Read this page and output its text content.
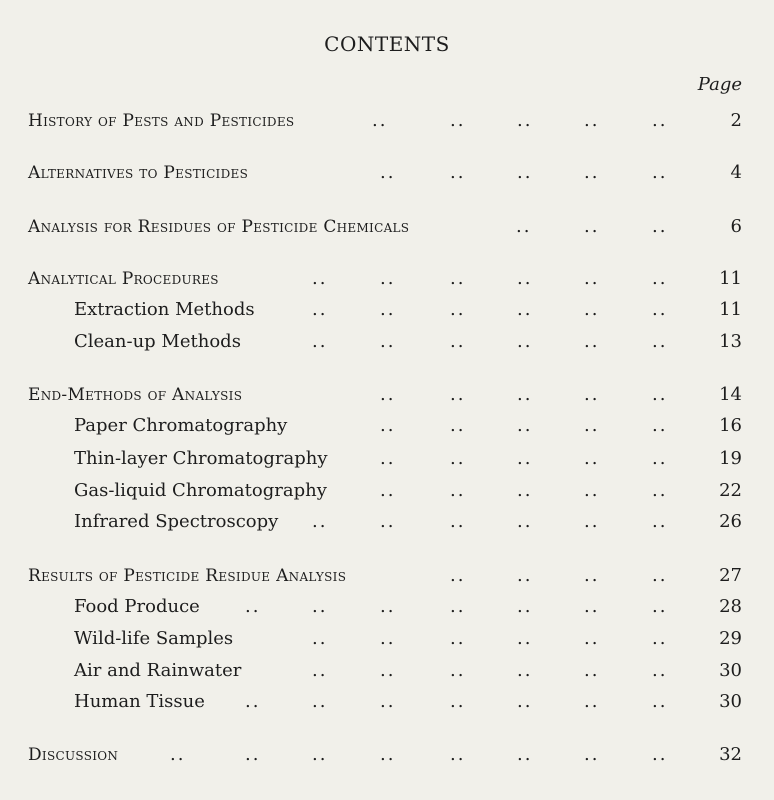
CONTENTS
Page
History of Pests and Pesticides	..	..	..	..	..	2
Alternatives to Pesticides	..	..	..	..	..	4
Analysis for Residues of Pesticide Chemicals	..	..	..	6
Analytical Procedures	..	..	..	..	..	..	11
Extraction Methods	..	..	..	..	..	..	11
Clean-up Methods	..	..	..	..	..	..	13
End-Methods of Analysis	..	..	..	..	..	14
Paper Chromatography	..	..	..	..	..	16
Thin-layer Chromatography	..	..	..	..	..	19
Gas-liquid Chromatography	..	..	..	..	..	22
Infrared Spectroscopy ..	..	..	..	..	..	26
Results of Pesticide Residue Analysis	..	..	..	..	27
Food Produce	..	..	..	..	..	..	..	28
Wild-life Samples	..	..	..	..	..	..	29
Air and Rainwater	..	..	..	..	..	..	30
Human Tissue ..	..	..	..	..	..	..	30
Discussion	..	..	..	..	..	..	..	..	32
